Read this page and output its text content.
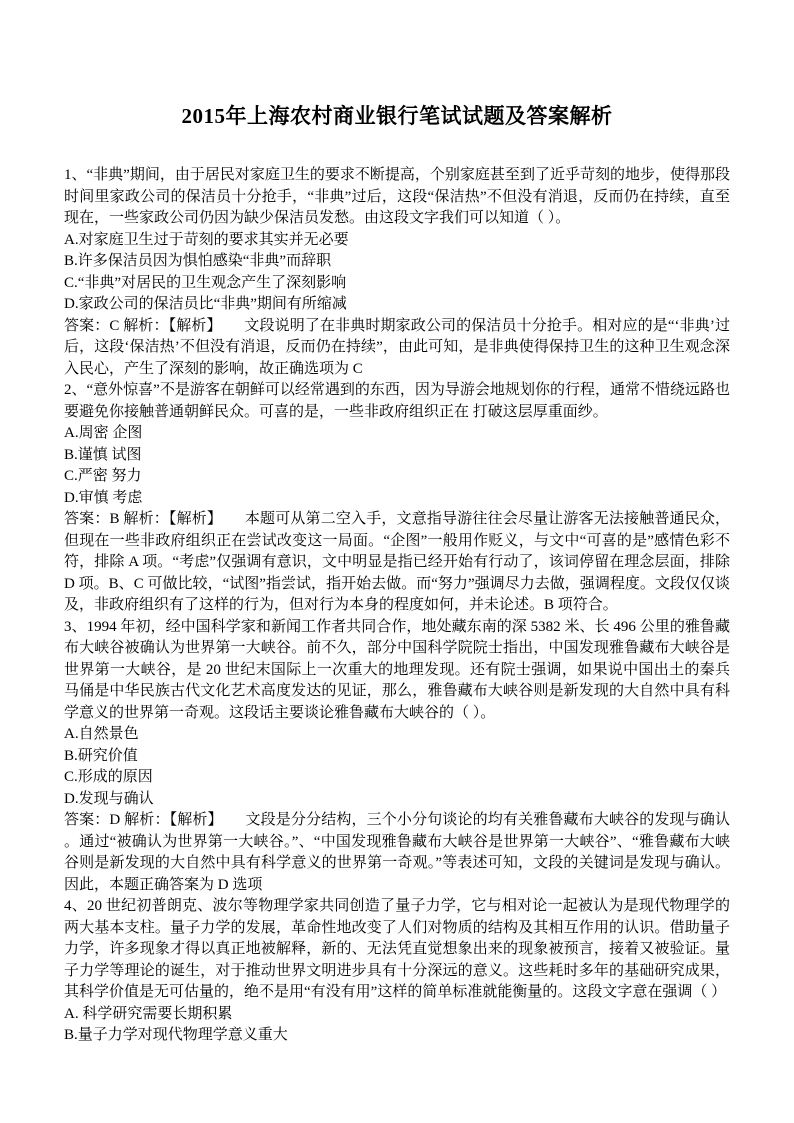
2015年上海农村商业银行笔试试题及答案解析

1、“非典”期间，由于居民对家庭卫生的要求不断提高，个别家庭甚至到了近乎苛刻的地步，使得那段时间里家政公司的保洁员十分抢手，“非典”过后，这段“保洁热”不但没有消退，反而仍在持续，直至现在，一些家政公司仍因为缺少保洁员发愁。由这段文字我们可以知道（ ）。

A.对家庭卫生过于苛刻的要求其实并无必要

B.许多保洁员因为惧怕感染“非典”而辞职

C.“非典”对居民的卫生观念产生了深刻影响

D.家政公司的保洁员比“非典”期间有所缩减

答案：C 解析：【解析】　　文段说明了在非典时期家政公司的保洁员十分抢手。相对应的是“‘非典’过后，这段‘保洁热’不但没有消退，反而仍在持续”，由此可知，是非典使得保持卫生的这种卫生观念深入民心，产生了深刻的影响，故正确选项为 C

2、“意外惊喜”不是游客在朝鲜可以经常遇到的东西，因为导游会地规划你的行程，通常不惜绕远路也要避免你接触普通朝鲜民众。可喜的是，一些非政府组织正在 打破这层厚重面纱。

A.周密 企图

B.谨慎 试图

C.严密 努力

D.审慎 考虑

答案：B 解析：【解析】　　本题可从第二空入手，文意指导游往往会尽量让游客无法接触普通民众，但现在一些非政府组织正在尝试改变这一局面。“企图”一般用作贬义，与文中“可喜的是”感情色彩不符，排除 A 项。“考虑”仅强调有意识，文中明显是指已经开始有行动了，该词停留在理念层面，排除 D 项。B、C 可做比较，“试图”指尝试，指开始去做。而“努力”强调尽力去做，强调程度。文段仅仅谈及，非政府组织有了这样的行为，但对行为本身的程度如何，并未论述。B 项符合。

3、1994 年初，经中国科学家和新闻工作者共同合作，地处藏东南的深 5382 米、长 496 公里的雅鲁藏布大峡谷被确认为世界第一大峡谷。前不久，部分中国科学院院士指出，中国发现雅鲁藏布大峡谷是世界第一大峡谷，是 20 世纪末国际上一次重大的地理发现。还有院士强调，如果说中国出土的秦兵马俑是中华民族古代文化艺术高度发达的见证，那么，雅鲁藏布大峡谷则是新发现的大自然中具有科学意义的世界第一奇观。这段话主要谈论雅鲁藏布大峡谷的（ ）。

A.自然景色

B.研究价值

C.形成的原因

D.发现与确认

答案：D 解析：【解析】　　文段是分分结构，三个小分句谈论的均有关雅鲁藏布大峡谷的发现与确认。通过“被确认为世界第一大峡谷。”、“中国发现雅鲁藏布大峡谷是世界第一大峡谷”、“雅鲁藏布大峡谷则是新发现的大自然中具有科学意义的世界第一奇观。”等表述可知，文段的关键词是发现与确认。因此，本题正确答案为 D 选项

4、20 世纪初普朗克、波尔等物理学家共同创造了量子力学，它与相对论一起被认为是现代物理学的两大基本支柱。量子力学的发展，革命性地改变了人们对物质的结构及其相互作用的认识。借助量子力学，许多现象才得以真正地被解释，新的、无法凭直觉想象出来的现象被预言，接着又被验证。量子力学等理论的诞生，对于推动世界文明进步具有十分深远的意义。这些耗时多年的基础研究成果，其科学价值是无可估量的，绝不是用“有没有用”这样的简单标准就能衡量的。这段文字意在强调（ ）

A. 科学研究需要长期积累

B.量子力学对现代物理学意义重大
